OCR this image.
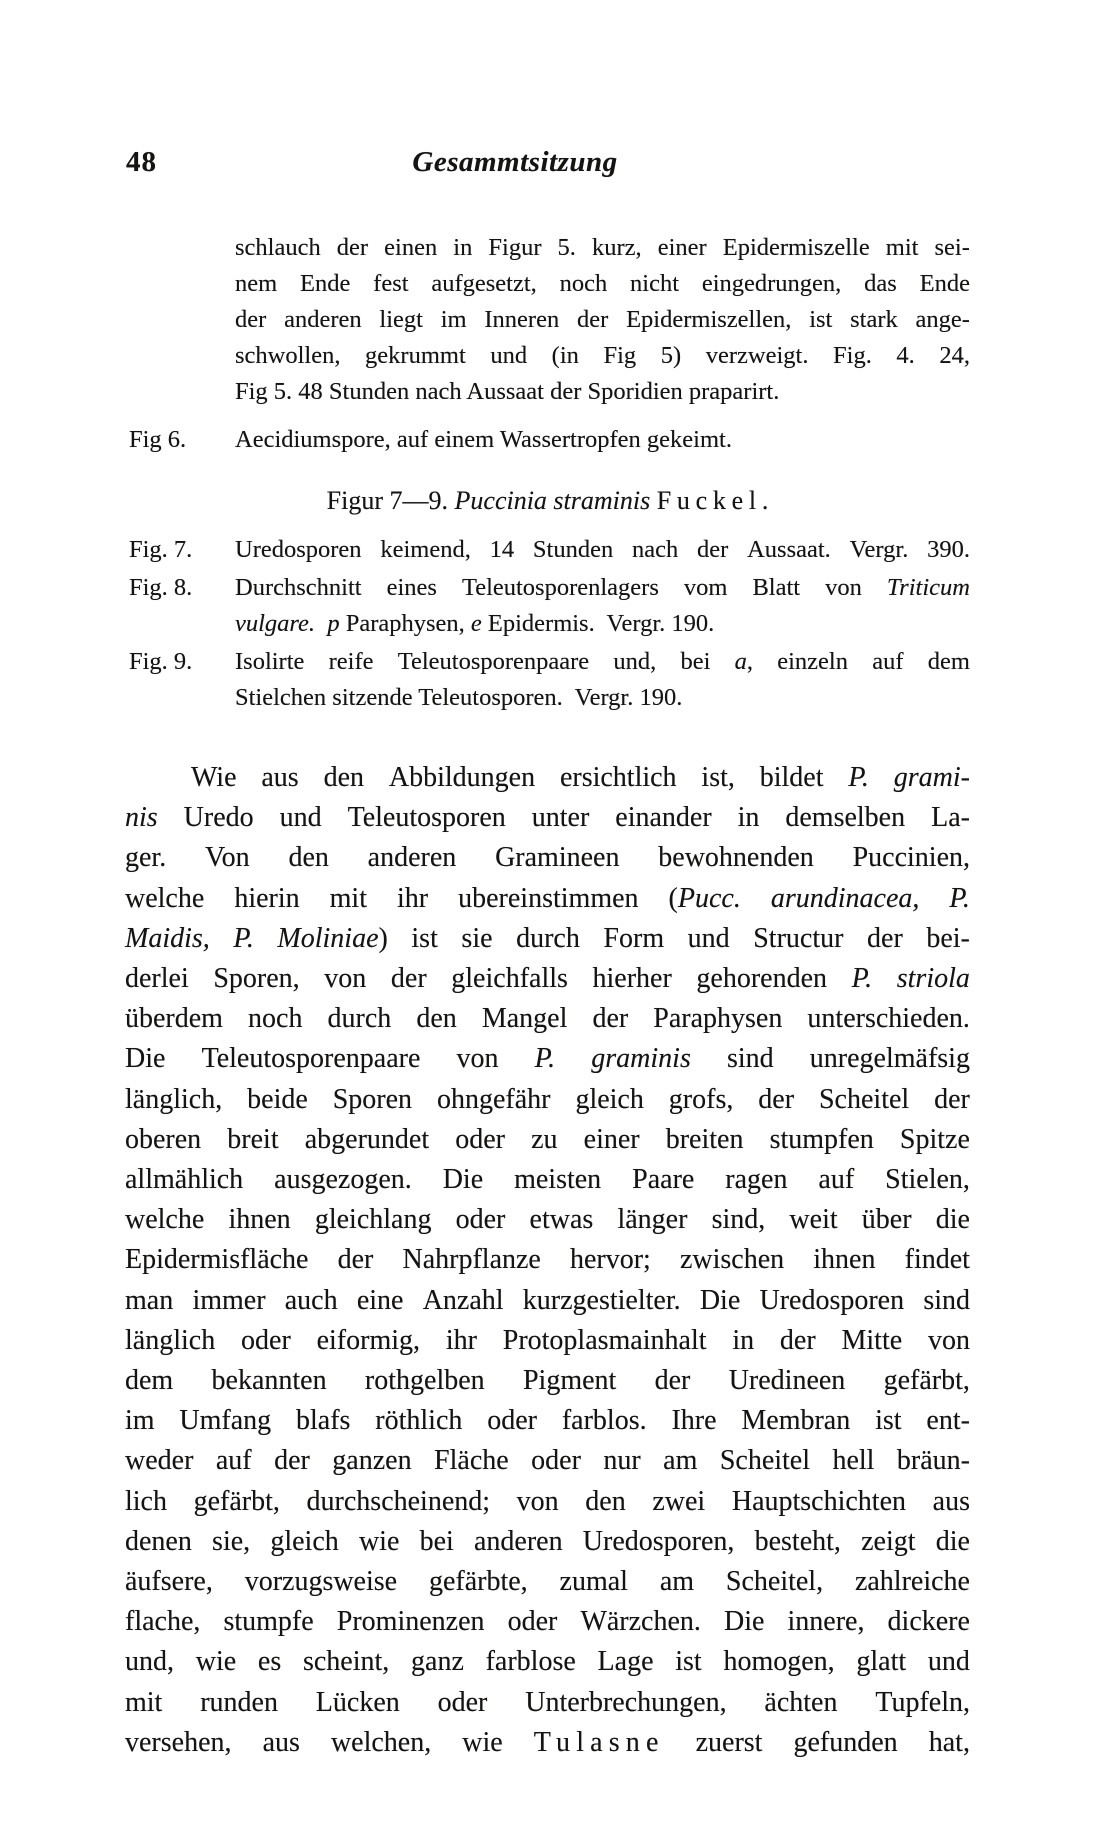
48	Gesammtsitzung
schlauch der einen in Figur 5. kurz, einer Epidermiszelle mit sei-
nem Ende fest aufgesetzt, noch nicht eingedrungen, das Ende
der anderen liegt im Inneren der Epidermiszellen, ist stark ange-
schwollen, gekrummt und (in Fig 5) verzweigt. Fig. 4. 24,
Fig 5. 48 Stunden nach Aussaat der Sporidien praparirt.
Fig 6. Aecidiumspore, auf einem Wassertropfen gekeimt.
Figur 7—9. Puccinia straminis Fuckel.
Fig. 7. Uredosporen keimend, 14 Stunden nach der Aussaat. Vergr. 390.
Fig. 8. Durchschnitt eines Teleutosporenlagers vom Blatt von Triticum
vulgare. p Paraphysen, e Epidermis.  Vergr. 190.
Fig. 9. Isolirte reife Teleutosporenpaare und, bei a, einzeln auf dem
Stielchen sitzende Teleutosporen.  Vergr. 190.
Wie aus den Abbildungen ersichtlich ist, bildet P. grami-
nis Uredo und Teleutosporen unter einander in demselben La-
ger. Von den anderen Gramineen bewohnenden Puccinien,
welche hierin mit ihr ubereinstimmen (Pucc. arundinacea, P.
Maidis, P. Moliniae) ist sie durch Form und Structur der bei-
derlei Sporen, von der gleichfalls hierher gehorenden P. striola
überdem noch durch den Mangel der Paraphysen unterschieden.
Die Teleutosporenpaare von P. graminis sind unregelmäfsig
länglich, beide Sporen ohngefähr gleich grofs, der Scheitel der
oberen breit abgerundet oder zu einer breiten stumpfen Spitze
allmählich ausgezogen. Die meisten Paare ragen auf Stielen,
welche ihnen gleichlang oder etwas länger sind, weit über die
Epidermisfläche der Nahrpflanze hervor; zwischen ihnen findet
man immer auch eine Anzahl kurzgestielter. Die Uredosporen sind
länglich oder eiformig, ihr Protoplasmainhalt in der Mitte von
dem bekannten rothgelben Pigment der Uredineen gefärbt,
im Umfang blafs röthlich oder farblos. Ihre Membran ist ent-
weder auf der ganzen Fläche oder nur am Scheitel hell bräun-
lich gefärbt, durchscheinend; von den zwei Hauptschichten aus
denen sie, gleich wie bei anderen Uredosporen, besteht, zeigt die
äufsere, vorzugsweise gefärbte, zumal am Scheitel, zahlreiche
flache, stumpfe Prominenzen oder Wärzchen. Die innere, dickere
und, wie es scheint, ganz farblose Lage ist homogen, glatt und
mit runden Lücken oder Unterbrechungen, ächten Tupfeln,
versehen, aus welchen, wie Tulasne zuerst gefunden hat,
